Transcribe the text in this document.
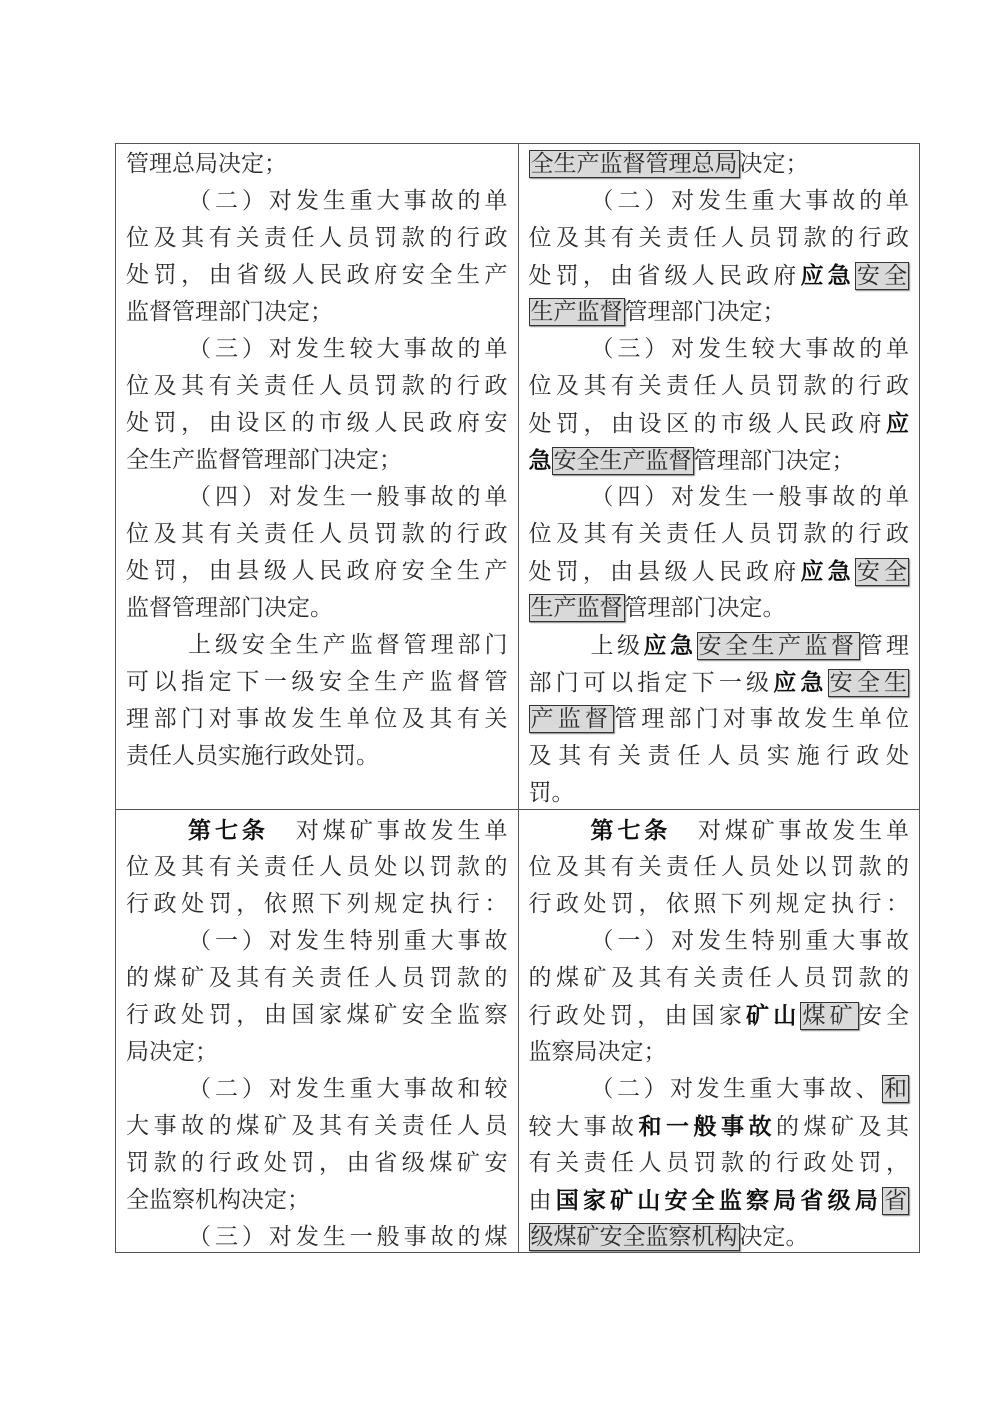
管理总局决定；
（二）对发生重大事故的单
位及其有关责任人员罚款的行政
处罚，由省级人民政府安全生产
监督管理部门决定；
（三）对发生较大事故的单
位及其有关责任人员罚款的行政
处罚，由设区的市级人民政府安
全生产监督管理部门决定；
（四）对发生一般事故的单
位及其有关责任人员罚款的行政
处罚，由县级人民政府安全生产
监督管理部门决定。
上级安全生产监督管理部门
可以指定下一级安全生产监督管
理部门对事故发生单位及其有关
责任人员实施行政处罚。
全生产监督管理总局决定；
（二）对发生重大事故的单
位及其有关责任人员罚款的行政
处罚，由省级人民政府应急安全
生产监督管理部门决定；
（三）对发生较大事故的单
位及其有关责任人员罚款的行政
处罚，由设区的市级人民政府应
急安全生产监督管理部门决定；
（四）对发生一般事故的单
位及其有关责任人员罚款的行政
处罚，由县级人民政府应急安全
生产监督管理部门决定。
上级应急安全生产监督管理
部门可以指定下一级应急安全生
产监督管理部门对事故发生单位
及其有关责任人员实施行政处
罚。
第七条　对煤矿事故发生单
位及其有关责任人员处以罚款的
行政处罚，依照下列规定执行：
（一）对发生特别重大事故
的煤矿及其有关责任人员罚款的
行政处罚，由国家煤矿安全监察
局决定；
（二）对发生重大事故和较
大事故的煤矿及其有关责任人员
罚款的行政处罚，由省级煤矿安
全监察机构决定；
（三）对发生一般事故的煤
第七条　对煤矿事故发生单
位及其有关责任人员处以罚款的
行政处罚，依照下列规定执行：
（一）对发生特别重大事故
的煤矿及其有关责任人员罚款的
行政处罚，由国家矿山煤矿安全
监察局决定；
（二）对发生重大事故、和
较大事故和一般事故的煤矿及其
有关责任人员罚款的行政处罚，
由国家矿山安全监察局省级局省
级煤矿安全监察机构决定。
